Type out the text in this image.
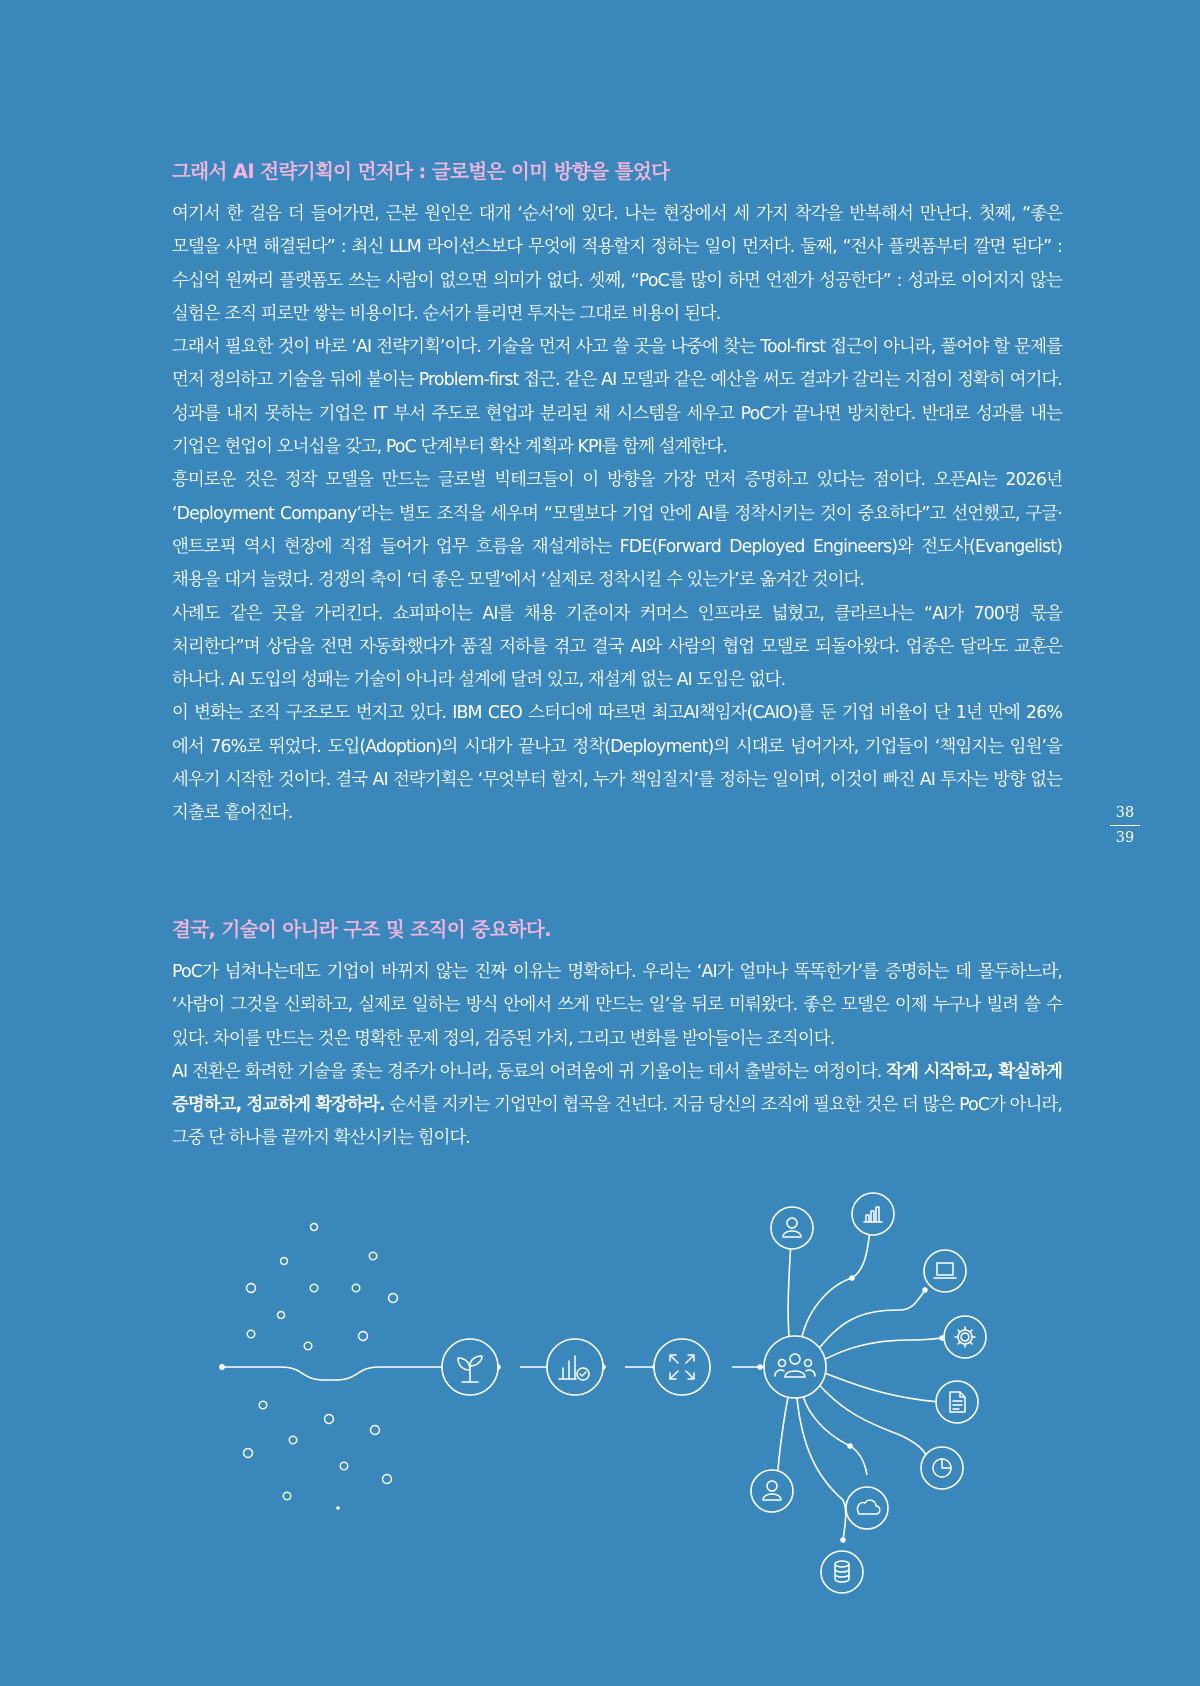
그래서 AI 전략기획이 먼저다 : 글로벌은 이미 방향을 틀었다

여기서 한 걸음 더 들어가면, 근본 원인은 대개 ‘순서’에 있다. 나는 현장에서 세 가지 착각을 반복해서 만난다. 첫째, “좋은 모델을 사면 해결된다” : 최신 LLM 라이선스보다 무엇에 적용할지 정하는 일이 먼저다. 둘째, “전사 플랫폼부터 깔면 된다” : 수십억 원짜리 플랫폼도 쓰는 사람이 없으면 의미가 없다. 셋째, “PoC를 많이 하면 언젠가 성공한다” : 성과로 이어지지 않는 실험은 조직 피로만 쌓는 비용이다. 순서가 틀리면 투자는 그대로 비용이 된다.

그래서 필요한 것이 바로 ‘AI 전략기획’이다. 기술을 먼저 사고 쓸 곳을 나중에 찾는 Tool-first 접근이 아니라, 풀어야 할 문제를 먼저 정의하고 기술을 뒤에 붙이는 Problem-first 접근. 같은 AI 모델과 같은 예산을 써도 결과가 갈리는 지점이 정확히 여기다. 성과를 내지 못하는 기업은 IT 부서 주도로 현업과 분리된 채 시스템을 세우고 PoC가 끝나면 방치한다. 반대로 성과를 내는 기업은 현업이 오너십을 갖고, PoC 단계부터 확산 계획과 KPI를 함께 설계한다.

흥미로운 것은 정작 모델을 만드는 글로벌 빅테크들이 이 방향을 가장 먼저 증명하고 있다는 점이다. 오픈AI는 2026년 ‘Deployment Company’라는 별도 조직을 세우며 “모델보다 기업 안에 AI를 정착시키는 것이 중요하다”고 선언했고, 구글·앤트로픽 역시 현장에 직접 들어가 업무 흐름을 재설계하는 FDE(Forward Deployed Engineers)와 전도사(Evangelist) 채용을 대거 늘렸다. 경쟁의 축이 ‘더 좋은 모델’에서 ‘실제로 정착시킬 수 있는가’로 옮겨간 것이다.

사례도 같은 곳을 가리킨다. 쇼피파이는 AI를 채용 기준이자 커머스 인프라로 넓혔고, 클라르나는 “AI가 700명 몫을 처리한다”며 상담을 전면 자동화했다가 품질 저하를 겪고 결국 AI와 사람의 협업 모델로 되돌아왔다. 업종은 달라도 교훈은 하나다. AI 도입의 성패는 기술이 아니라 설계에 달려 있고, 재설계 없는 AI 도입은 없다.

이 변화는 조직 구조로도 번지고 있다. IBM CEO 스터디에 따르면 최고AI책임자(CAIO)를 둔 기업 비율이 단 1년 만에 26%에서 76%로 뛰었다. 도입(Adoption)의 시대가 끝나고 정착(Deployment)의 시대로 넘어가자, 기업들이 ‘책임지는 임원’을 세우기 시작한 것이다. 결국 AI 전략기획은 ‘무엇부터 할지, 누가 책임질지’를 정하는 일이며, 이것이 빠진 AI 투자는 방향 없는 지출로 흩어진다.

결국, 기술이 아니라 구조 및 조직이 중요하다.

PoC가 넘쳐나는데도 기업이 바뀌지 않는 진짜 이유는 명확하다. 우리는 ‘AI가 얼마나 똑똑한가’를 증명하는 데 몰두하느라, ‘사람이 그것을 신뢰하고, 실제로 일하는 방식 안에서 쓰게 만드는 일’을 뒤로 미뤄왔다. 좋은 모델은 이제 누구나 빌려 쓸 수 있다. 차이를 만드는 것은 명확한 문제 정의, 검증된 가치, 그리고 변화를 받아들이는 조직이다.

AI 전환은 화려한 기술을 좇는 경주가 아니라, 동료의 어려움에 귀 기울이는 데서 출발하는 여정이다. 작게 시작하고, 확실하게 증명하고, 정교하게 확장하라. 순서를 지키는 기업만이 협곡을 건넌다. 지금 당신의 조직에 필요한 것은 더 많은 PoC가 아니라, 그중 단 하나를 끝까지 확산시키는 힘이다.

38
39
